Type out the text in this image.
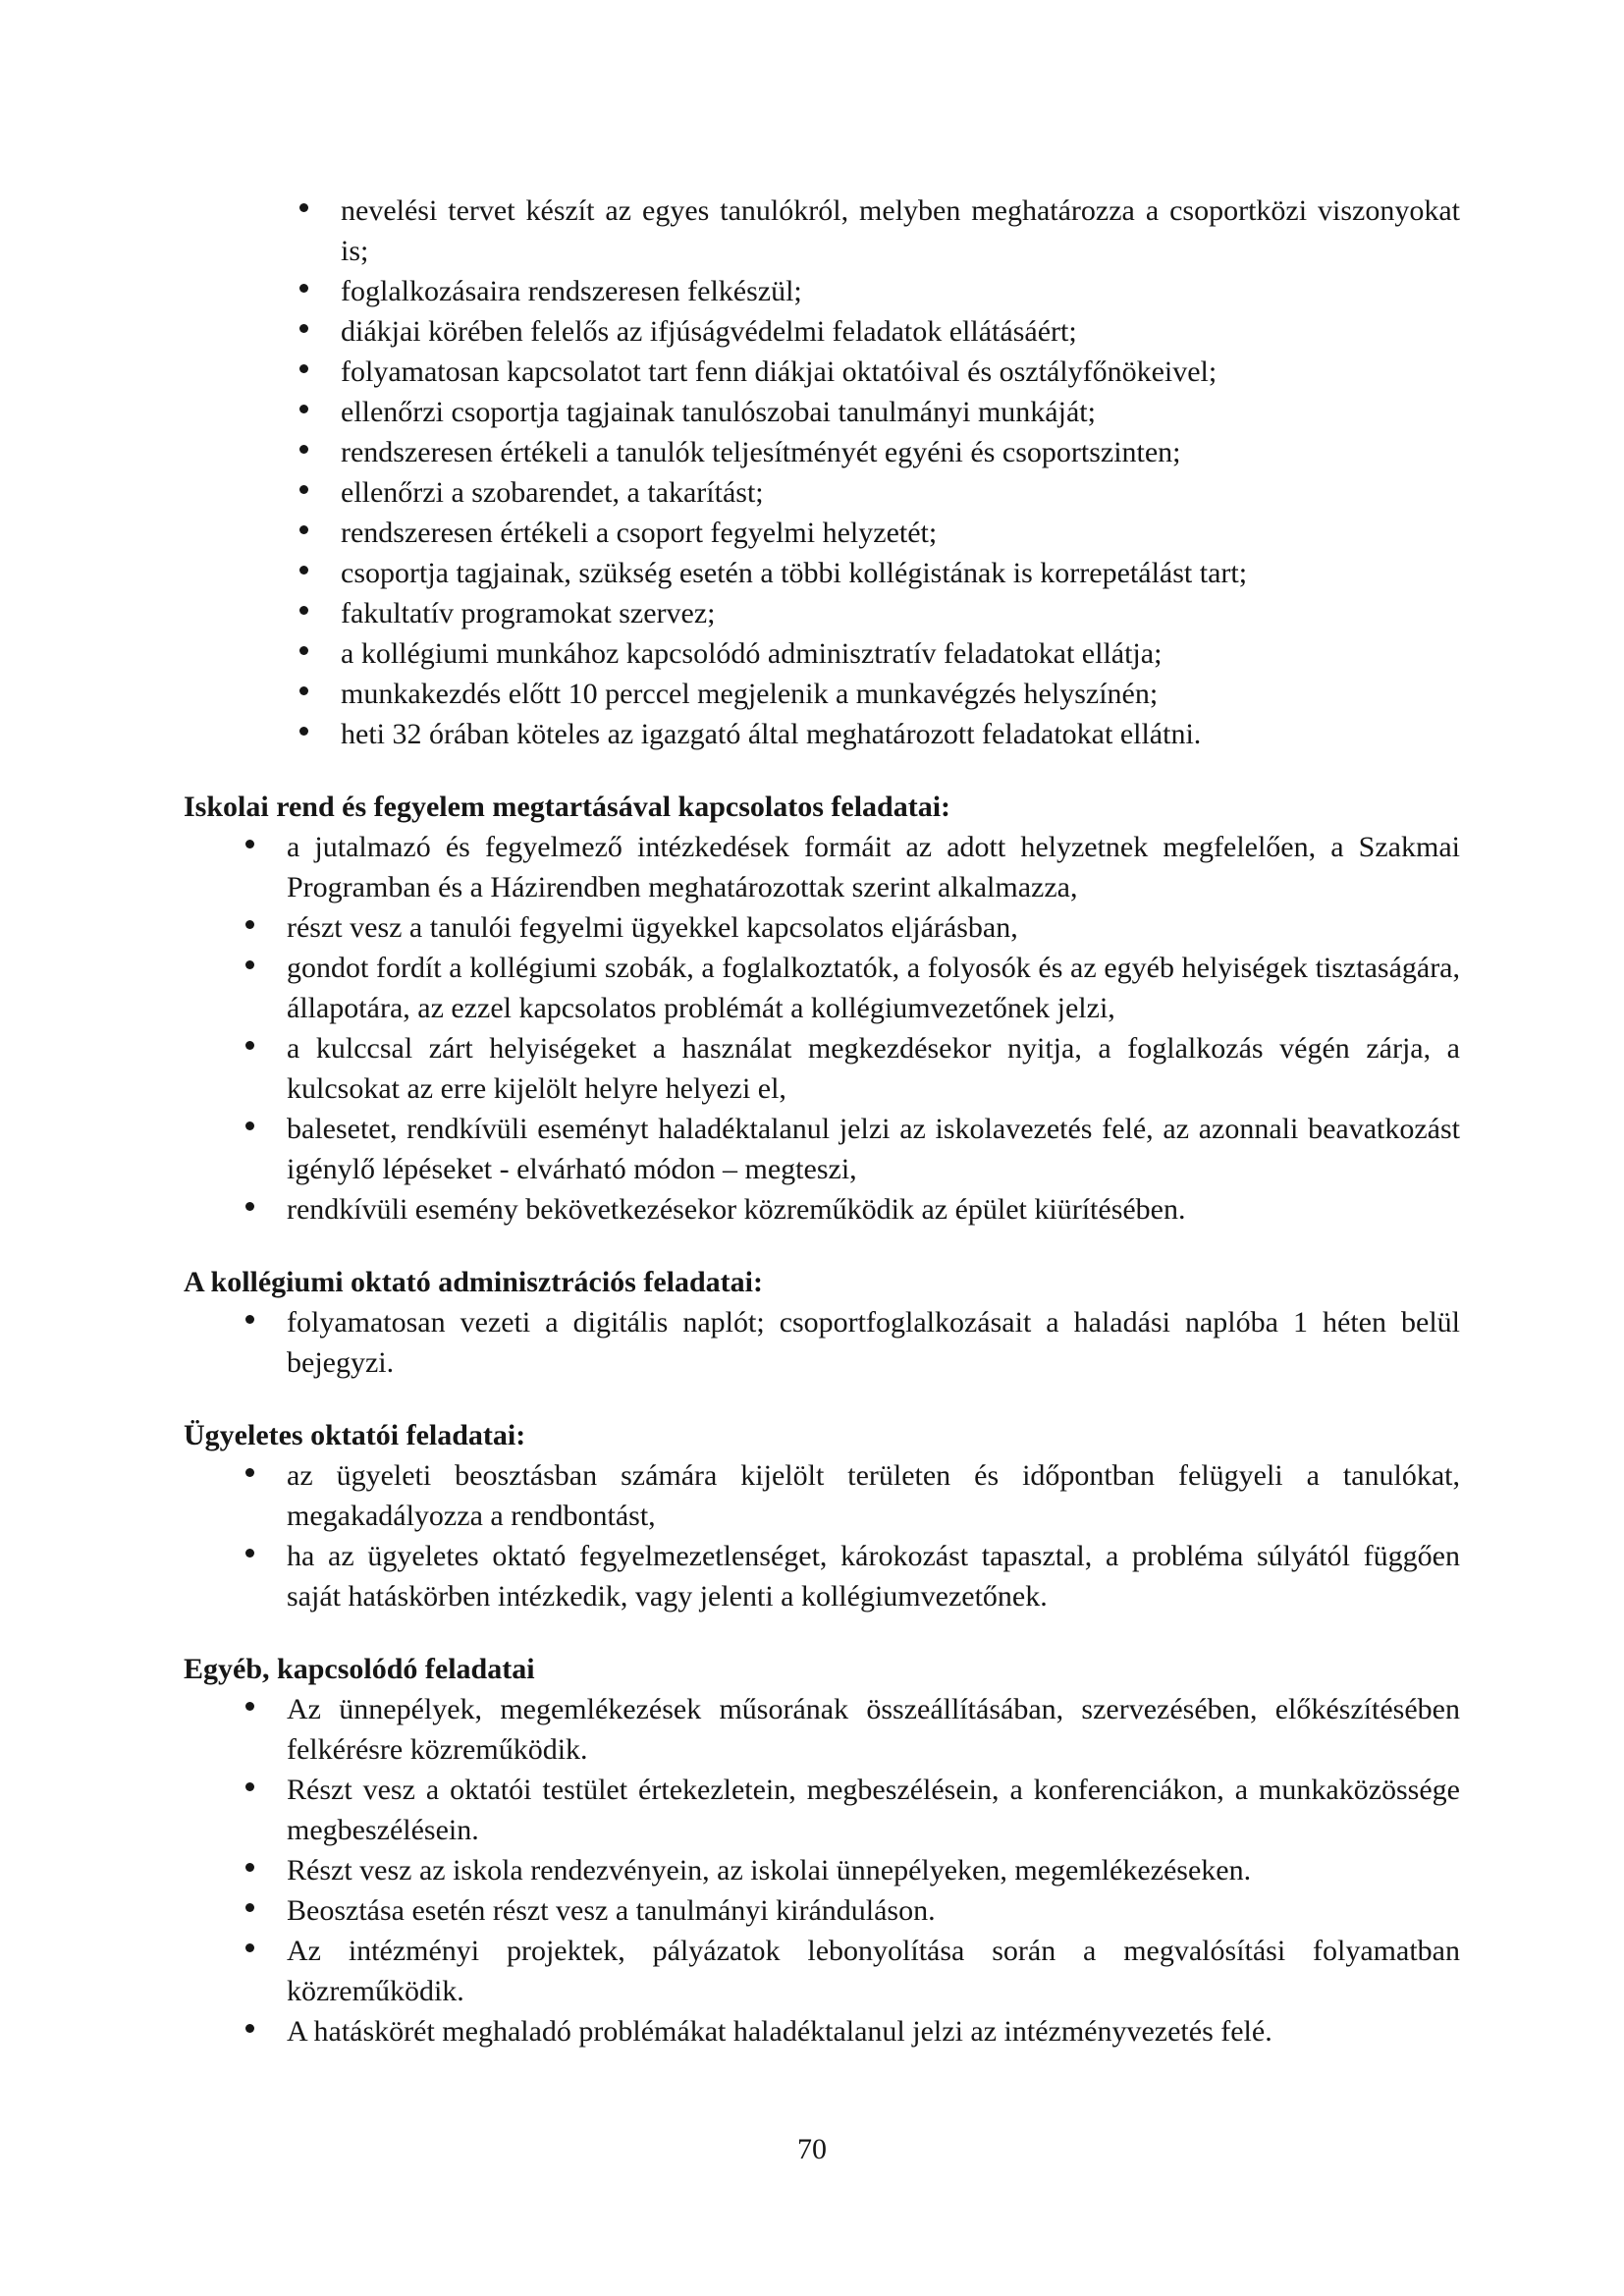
nevelési tervet készít az egyes tanulókról, melyben meghatározza a csoportközi viszonyokat is;
foglalkozásaira rendszeresen felkészül;
diákjai körében felelős az ifjúságvédelmi feladatok ellátásáért;
folyamatosan kapcsolatot tart fenn diákjai oktatóival és osztályfőnökeivel;
ellenőrzi csoportja tagjainak tanulószobai tanulmányi munkáját;
rendszeresen értékeli a tanulók teljesítményét egyéni és csoportszinten;
ellenőrzi a szobarendet, a takarítást;
rendszeresen értékeli a csoport fegyelmi helyzetét;
csoportja tagjainak, szükség esetén a többi kollégistának is korrepetálást tart;
fakultatív programokat szervez;
a kollégiumi munkához kapcsolódó adminisztratív feladatokat ellátja;
munkakezdés előtt 10 perccel megjelenik a munkavégzés helyszínén;
heti 32 órában köteles az igazgató által meghatározott feladatokat ellátni.
Iskolai rend és fegyelem megtartásával kapcsolatos feladatai:
a jutalmazó és fegyelmező intézkedések formáit az adott helyzetnek megfelelően, a Szakmai Programban és a Házirendben meghatározottak szerint alkalmazza,
részt vesz a tanulói fegyelmi ügyekkel kapcsolatos eljárásban,
gondot fordít a kollégiumi szobák, a foglalkoztatók, a folyosók és az egyéb helyiségek tisztaságára, állapotára, az ezzel kapcsolatos problémát a kollégiumvezetőnek jelzi,
a kulccsal zárt helyiségeket a használat megkezdésekor nyitja, a foglalkozás végén zárja, a kulcsokat az erre kijelölt helyre helyezi el,
balesetet, rendkívüli eseményt haladéktalanul jelzi az iskolavezetés felé, az azonnali beavatkozást igénylő lépéseket - elvárható módon – megteszi,
rendkívüli esemény bekövetkezésekor közreműködik az épület kiürítésében.
A kollégiumi oktató adminisztrációs feladatai:
folyamatosan vezeti a digitális naplót; csoportfoglalkozásait a haladási naplóba 1 héten belül bejegyzi.
Ügyeletes oktatói feladatai:
az ügyeleti beosztásban számára kijelölt területen és időpontban felügyeli a tanulókat, megakadályozza a rendbontást,
ha az ügyeletes oktató fegyelmezetlenséget, károkozást tapasztal, a probléma súlyától függően saját hatáskörben intézkedik, vagy jelenti a kollégiumvezetőnek.
Egyéb, kapcsolódó feladatai
Az ünnepélyek, megemlékezések műsorának összeállításában, szervezésében, előkészítésében felkérésre közreműködik.
Részt vesz a oktatói testület értekezletein, megbeszélésein, a konferenciákon, a munkaközössége megbeszélésein.
Részt vesz az iskola rendezvényein, az iskolai ünnepélyeken, megemlékezéseken.
Beosztása esetén részt vesz a tanulmányi kiránduláson.
Az intézményi projektek, pályázatok lebonyolítása során a megvalósítási folyamatban közreműködik.
A hatáskörét meghaladó problémákat haladéktalanul jelzi az intézményvezetés felé.
70
